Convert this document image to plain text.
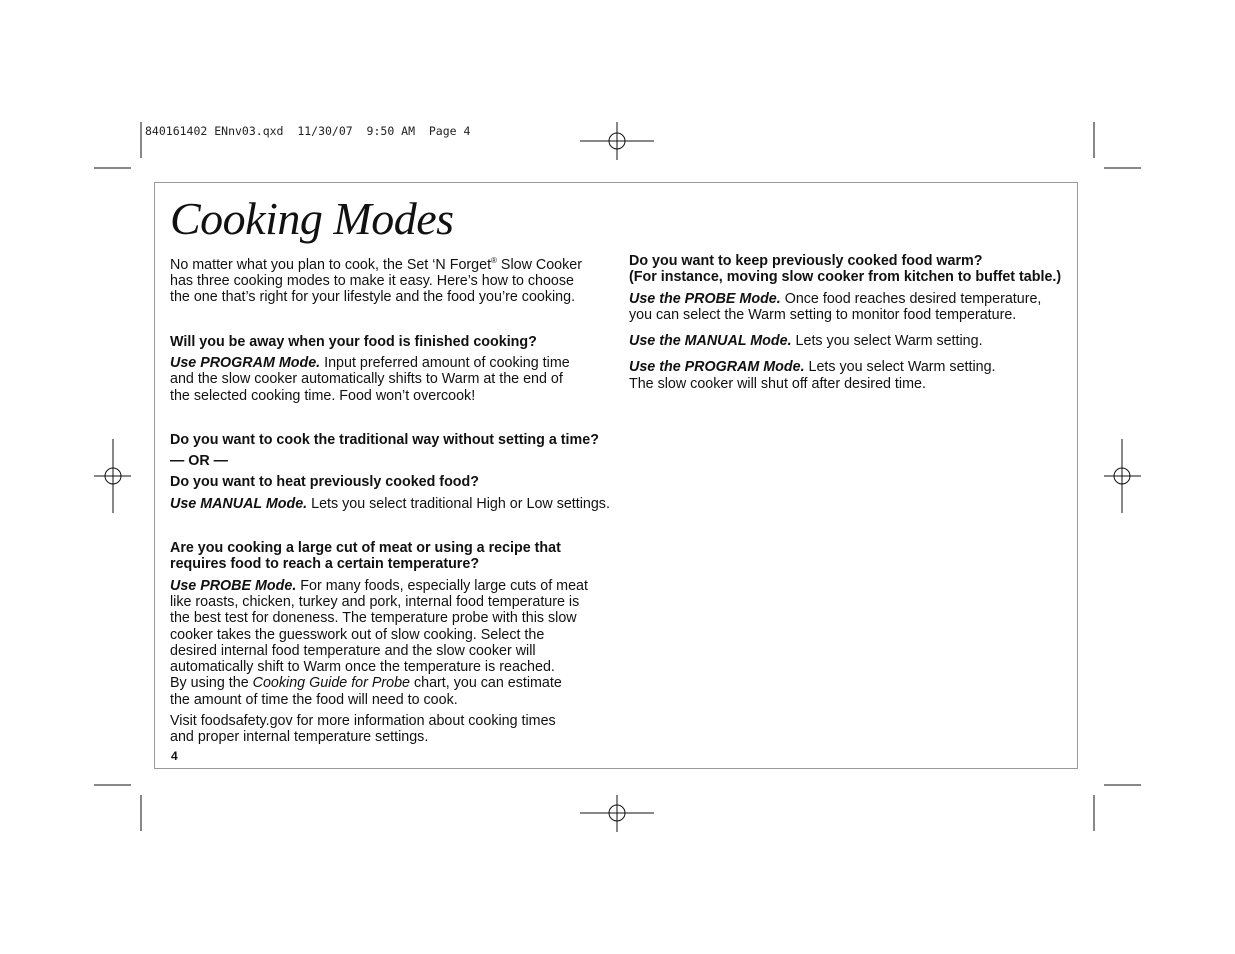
840161402 ENnv03.qxd  11/30/07  9:50 AM  Page 4
Cooking Modes

No matter what you plan to cook, the Set ‘N Forget® Slow Cooker
has three cooking modes to make it easy. Here’s how to choose
the one that’s right for your lifestyle and the food you’re cooking.

Will you be away when your food is finished cooking?

Use PROGRAM Mode. Input preferred amount of cooking time
and the slow cooker automatically shifts to Warm at the end of
the selected cooking time. Food won’t overcook!

Do you want to cook the traditional way without setting a time?

— OR —

Do you want to heat previously cooked food?

Use MANUAL Mode. Lets you select traditional High or Low settings.

Are you cooking a large cut of meat or using a recipe that
requires food to reach a certain temperature?

Use PROBE Mode. For many foods, especially large cuts of meat
like roasts, chicken, turkey and pork, internal food temperature is
the best test for doneness. The temperature probe with this slow
cooker takes the guesswork out of slow cooking. Select the
desired internal food temperature and the slow cooker will
automatically shift to Warm once the temperature is reached.
By using the Cooking Guide for Probe chart, you can estimate
the amount of time the food will need to cook.

Visit foodsafety.gov for more information about cooking times
and proper internal temperature settings.

Do you want to keep previously cooked food warm?
(For instance, moving slow cooker from kitchen to buffet table.)

Use the PROBE Mode. Once food reaches desired temperature,
you can select the Warm setting to monitor food temperature.

Use the MANUAL Mode. Lets you select Warm setting.

Use the PROGRAM Mode. Lets you select Warm setting.
The slow cooker will shut off after desired time.

4
